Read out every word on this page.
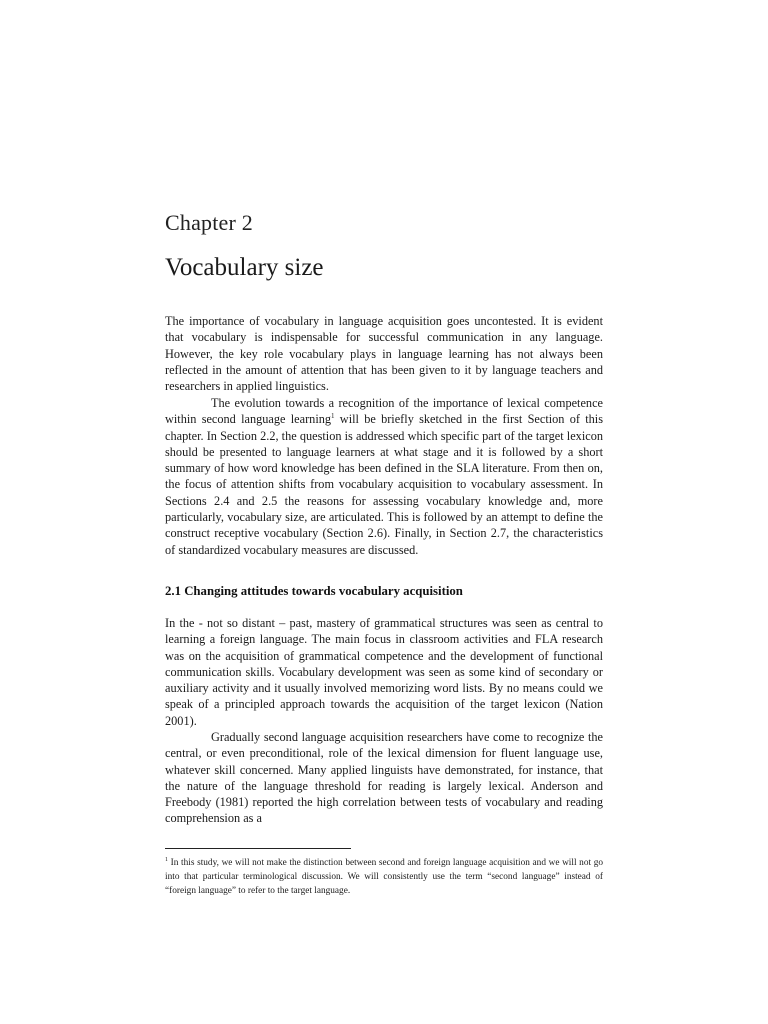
Chapter 2
Vocabulary size

The importance of vocabulary in language acquisition goes uncontested. It is evident that vocabulary is indispensable for successful communication in any language. However, the key role vocabulary plays in language learning has not always been reflected in the amount of attention that has been given to it by language teachers and researchers in applied linguistics.

The evolution towards a recognition of the importance of lexical competence within second language learning$^1$ will be briefly sketched in the first Section of this chapter. In Section 2.2, the question is addressed which specific part of the target lexicon should be presented to language learners at what stage and it is followed by a short summary of how word knowledge has been defined in the SLA literature. From then on, the focus of attention shifts from vocabulary acquisition to vocabulary assessment. In Sections 2.4 and 2.5 the reasons for assessing vocabulary knowledge and, more particularly, vocabulary size, are articulated. This is followed by an attempt to define the construct receptive vocabulary (Section 2.6). Finally, in Section 2.7, the characteristics of standardized vocabulary measures are discussed.

2.1 Changing attitudes towards vocabulary acquisition

In the - not so distant – past, mastery of grammatical structures was seen as central to learning a foreign language. The main focus in classroom activities and FLA research was on the acquisition of grammatical competence and the development of functional communication skills. Vocabulary development was seen as some kind of secondary or auxiliary activity and it usually involved memorizing word lists. By no means could we speak of a principled approach towards the acquisition of the target lexicon (Nation 2001).

Gradually second language acquisition researchers have come to recognize the central, or even preconditional, role of the lexical dimension for fluent language use, whatever skill concerned. Many applied linguists have demonstrated, for instance, that the nature of the language threshold for reading is largely lexical. Anderson and Freebody (1981) reported the high correlation between tests of vocabulary and reading comprehension as a

$^1$ In this study, we will not make the distinction between second and foreign language acquisition and we will not go into that particular terminological discussion. We will consistently use the term “second language” instead of “foreign language” to refer to the target language.
